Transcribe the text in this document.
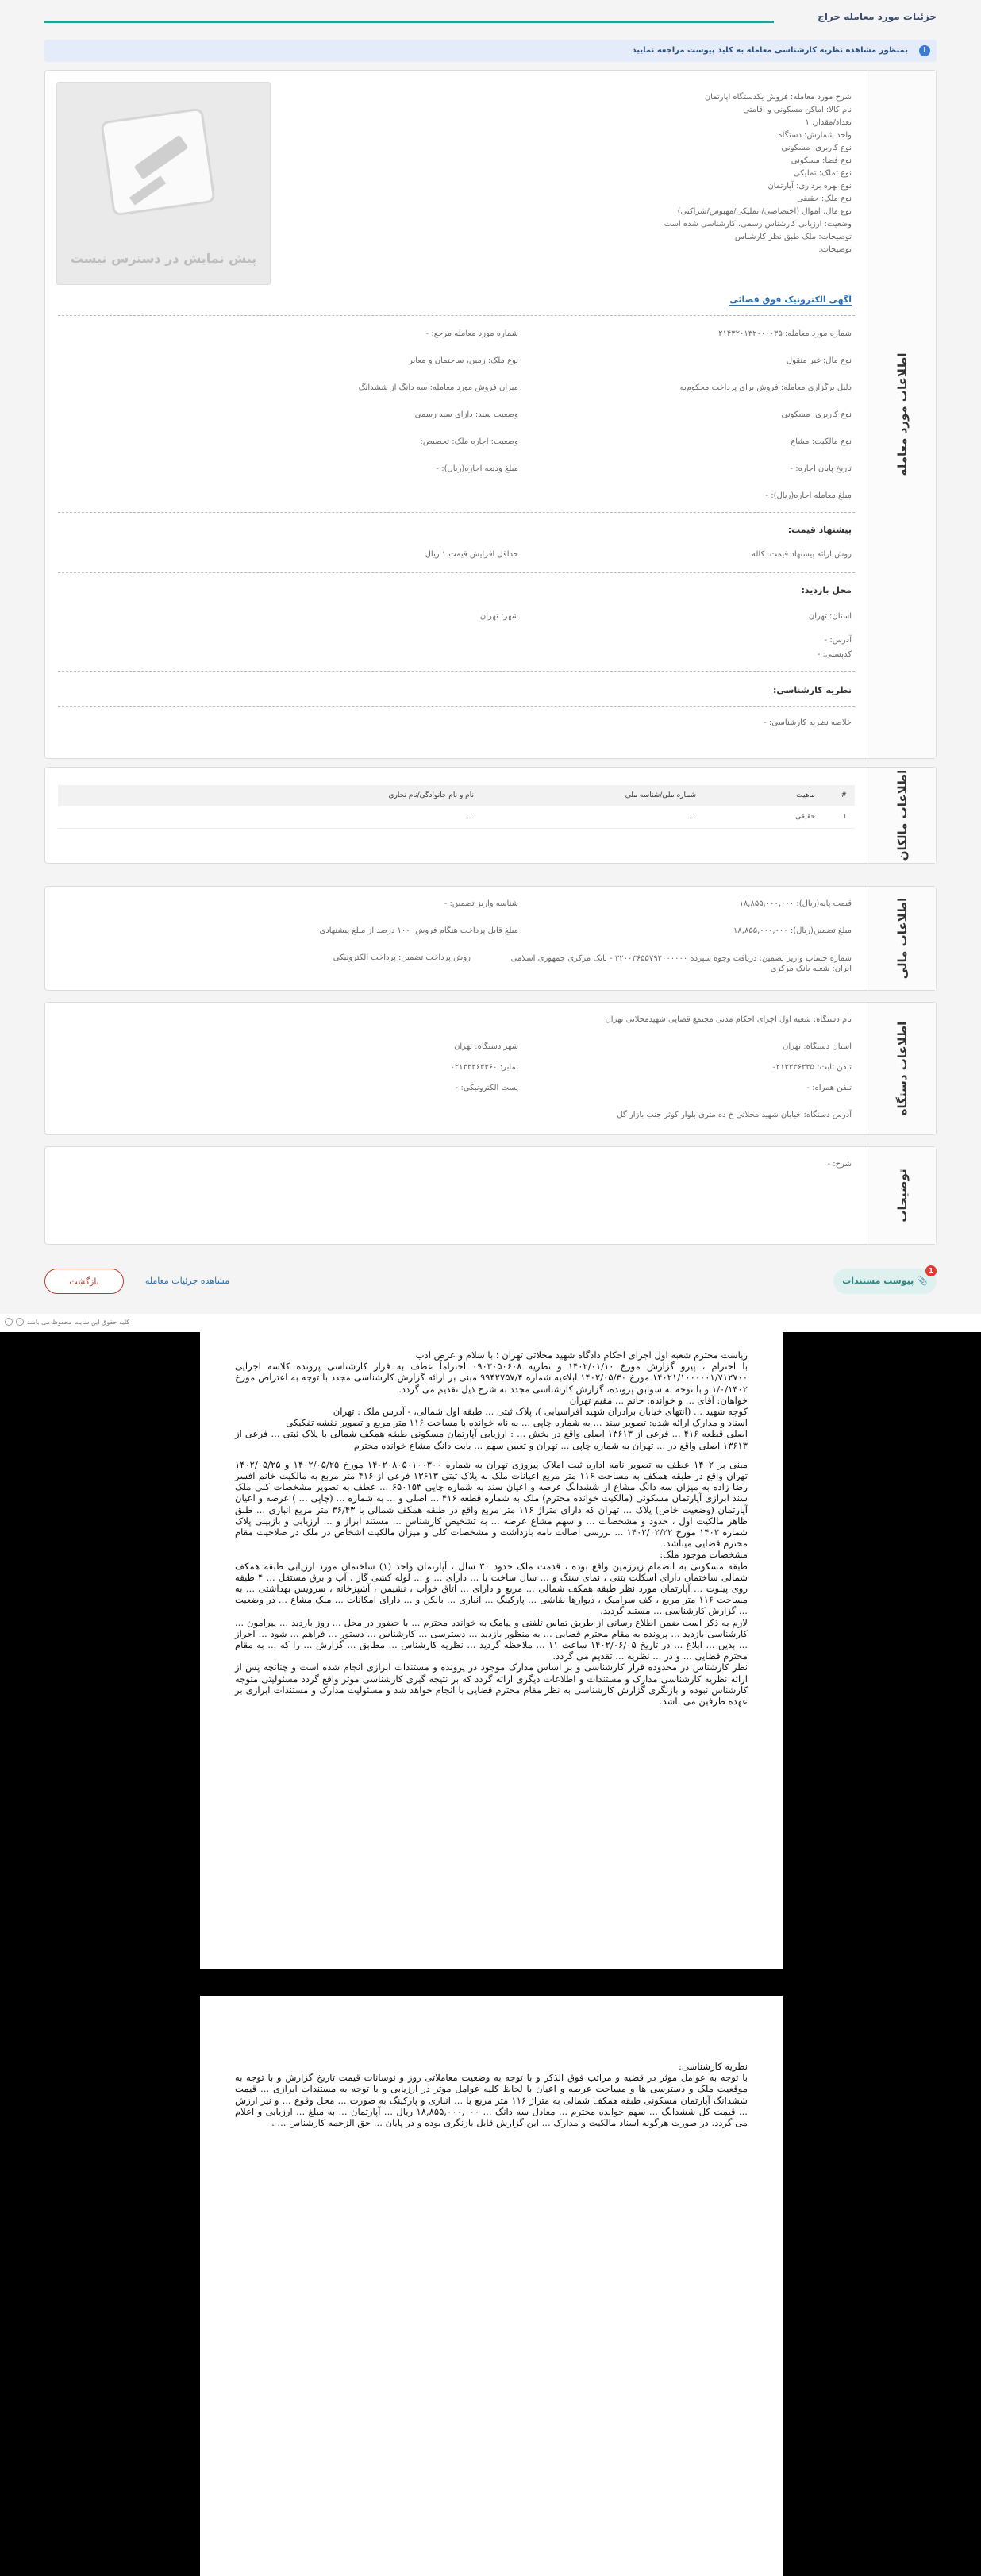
جزئیات مورد معامله حراج
i
بمنظور مشاهده نظریه کارشناسی معامله به کلید پیوست مراجعه نمایید
اطلاعات مورد معامله
پیش نمایش در دسترس نیست
شرح مورد معامله: فروش یکدستگاه اپارتمان
نام کالا: اماکن مسکونی و اقامتی
تعداد/مقدار: ۱
واحد شمارش: دستگاه
نوع کاربری: مسکونی
نوع فضا: مسکونی
نوع تملک: تملیکی
نوع بهره برداری: آپارتمان
نوع ملک: حقیقی
نوع مال: اموال (اختصاصی/ تملیکی/مهبوس/شراکتی)
وضعیت: ارزیابی کارشناس رسمی، کارشناسی شده است
توضیحات: ملک طبق نظر کارشناس
توضیحات:
آگهی الکترونیک فوق قضائی
شماره مورد معامله: ۲۱۴۳۲۰۱۳۲۰۰۰۰۳۵
شماره مورد معامله مرجع: -
نوع مال: غیر منقول
نوع ملک: زمین، ساختمان و معابر
دلیل برگزاری معامله: فروش برای پرداخت محکوم‌به
میزان فروش مورد معامله: سه دانگ از ششدانگ
نوع کاربری: مسکونی
وضعیت سند: دارای سند رسمی
نوع مالکیت: مشاع
وضعیت: اجاره ملک: تخصیص:
تاریخ پایان اجاره: -
مبلغ ودیعه اجاره(ریال): -
مبلغ معامله اجاره(ریال): -
پیشنهاد قیمت:
روش ارائه پیشنهاد قیمت: کاله
حداقل افزایش قیمت ۱ ریال
محل بازدید:
استان: تهران
شهر: تهران
آدرس: -
کدپستی: -
نظریه کارشناسی:
خلاصه نظریه کارشناسی: -
اطلاعات مالکان
#	ماهیت	شماره ملی/شناسه ملی	نام و نام خانوادگی/نام تجاری
۱	حقیقی	...	...
اطلاعات مالی
قیمت پایه(ریال): ۱۸,۸۵۵,۰۰۰,۰۰۰
شناسه واریز تضمین: -
مبلغ تضمین(ریال): ۱۸,۸۵۵,۰۰۰,۰۰۰
مبلغ قابل پرداخت هنگام فروش: ۱۰۰ درصد از مبلغ پیشنهادی
شماره حساب واریز تضمین: دریافت وجوه سپرده ۳۲۰۰۳۶۵۵۷۹۲۰۰۰۰۰۰ - بانک مرکزی جمهوری اسلامی ایران: شعبه بانک مرکزی
روش پرداخت تضمین: پرداخت الکترونیکی
اطلاعات دستگاه
نام دستگاه: شعبه اول اجرای احکام مدنی مجتمع قضایی شهیدمحلاتی تهران
استان دستگاه: تهران
شهر دستگاه: تهران
تلفن ثابت: ۰۲۱۳۳۳۶۳۳۵
نمابر: ۰۲۱۳۳۳۶۳۳۶۰
تلفن همراه: -
پست الکترونیکی: -
آدرس دستگاه: خیابان شهید محلاتی خ ده متری بلوار کوثر جنب بازار گل
توضیحات
شرح: -
📎 پیوست مستندات
1
مشاهده جزئیات معامله
بازگشت
کلیه حقوق این سایت محفوظ می باشد

ریاست محترم شعبه اول اجرای احکام دادگاه شهید محلاتی تهران ؛ با سلام و عرض ادب

با احترام ، پیرو گزارش مورخ ۱۴۰۲/۰۱/۱۰ و نظریه ۰۹۰۳۰۵۰۶۰۸ احتراماً عطف به قرار کارشناسی پرونده کلاسه اجرایی ۱۴۰۲۱/۱۰۰۰۰۰۱/۷۱۲۷۰۰ مورخ ۱۴۰۲/۰۵/۳۰ ابلاغیه شماره ۹۹۴۲۷۵۷/۴ مبنی بر ارائه گزارش کارشناسی مجدد با توجه به اعتراض مورخ ۱/۰/۱۴۰۲ و با توجه به سوابق پرونده، گزارش کارشناسی مجدد به شرح ذیل تقدیم می گردد.

خواهان: آقای ... و خوانده: خانم ... مقیم تهران

کوچه شهید ... (انتهای خیابان برادران شهید افراسیابی )، پلاک ثبتی ... طبقه اول شمالی، - آدرس ملک : تهران

اسناد و مدارک ارائه شده: تصویر سند ... به شماره چاپی ... به نام خوانده با مساحت ۱۱۶ متر مربع و تصویر نقشه تفکیکی

اصلی قطعه ۴۱۶ ... فرعی از ۱۳۶۱۳ اصلی واقع در بخش ... : ارزیابی آپارتمان مسکونی طبقه همکف شمالی با پلاک ثبتی ... فرعی از ۱۳۶۱۳ اصلی واقع در ... تهران به شماره چاپی ... تهران و تعیین سهم ... بابت دانگ مشاع خوانده محترم

مبنی بر ۱۴۰۲ عطف به تصویر نامه اداره ثبت املاک پیروزی تهران به شماره ۱۴۰۲۰۸۰۵۰۱۰۰۳۰۰ مورخ ۱۴۰۲/۰۵/۲۵ و ۱۴۰۲/۰۵/۲۵ تهران واقع در طبقه همکف به مساحت ۱۱۶ متر مربع اعیانات ملک به پلاک ثبتی ۱۳۶۱۳ فرعی از ۴۱۶ متر مربع به مالکیت خانم افسر رضا زاده به میزان سه دانگ مشاع از ششدانگ عرصه و اعیان سند به شماره چاپی ۶۵۰۱۵۳ ... عطف به تصویر مشخصات کلی ملک سند ابرازی آپارتمان مسکونی (مالکیت خوانده محترم) ملک به شماره قطعه ۴۱۶ ... اصلی و ... به شماره ... (چاپی ... ) عرصه و اعیان آپارتمان (وضعیت خاص) پلاک ... تهران که دارای متراژ ۱۱۶ متر مربع واقع در طبقه همکف شمالی با ۳۶/۴۳ متر مربع انباری ... طبق ظاهر مالکیت اول ، حدود و مشخصات ... و سهم مشاع عرصه ... به تشخیص کارشناس ... مستند ابراز و ... ارزیابی و بازبینی پلاک شماره ۱۴۰۲ مورخ ۱۴۰۲/۰۲/۲۲ ... بررسی اصالت نامه بازداشت و مشخصات کلی و میزان مالکیت اشخاص در ملک در صلاحیت مقام محترم قضایی میباشد.

مشخصات موجود ملک:

طبقه مسکونی به انضمام زیرزمین واقع بوده ، قدمت ملک حدود ۳۰ سال ، آپارتمان واحد (۱) ساختمان مورد ارزیابی طبقه همکف شمالی ساختمان دارای اسکلت بتنی ، نمای سنگ و ... سال ساخت با ... دارای ... و ... لوله کشی گاز ، آب و برق مستقل ... ۴ طبقه روی پیلوت ... آپارتمان مورد نظر طبقه همکف شمالی ... مربع و دارای ... اتاق خواب ، نشیمن ، آشپزخانه ، سرویس بهداشتی ... به مساحت ۱۱۶ متر مربع ، کف سرامیک ، دیوارها نقاشی ... پارکینگ ... انباری ... بالکن و ... دارای امکانات ... ملک مشاع ... در وضعیت ... گزارش کارشناسی ... مستند گردید.

لازم به ذکر است ضمن اطلاع رسانی از طریق تماس تلفنی و پیامک به خوانده محترم ... با حضور در محل ... روز بازدید ... پیرامون ... کارشناسی بازدید ... پرونده به مقام محترم قضایی ... به منظور بازدید ... دسترسی ... کارشناس ... دستور ... فراهم ... شود ... احراز ... بدین ... ابلاغ ... در تاریخ ۱۴۰۲/۰۶/۰۵ ساعت ۱۱ ... ملاحظه گردید ... نظریه کارشناس ... مطابق ... گزارش ... را که ... به مقام محترم قضایی ... و در ... نظریه ... تقدیم می گردد.

نظر کارشناس در محدوده قرار کارشناسی و بر اساس مدارک موجود در پرونده و مستندات ابرازی انجام شده است و چنانچه پس از ارائه نظریه کارشناسی مدارک و مستندات و اطلاعات دیگری ارائه گردد که بر نتیجه گیری کارشناسی موثر واقع گردد مسئولیتی متوجه کارشناس نبوده و بازنگری گزارش کارشناسی به نظر مقام محترم قضایی با انجام خواهد شد و مسئولیت مدارک و مستندات ابرازی بر عهده طرفین می باشد.

نظریه کارشناسی:

با توجه به عوامل موثر در قضیه و مراتب فوق الذکر و با توجه به وضعیت معاملاتی روز و نوسانات قیمت تاریخ گزارش و با توجه به موقعیت ملک و دسترسی ها و مساحت عرصه و اعیان با لحاظ کلیه عوامل موثر در ارزیابی و با توجه به مستندات ابرازی ... قیمت ششدانگ آپارتمان مسکونی طبقه همکف شمالی به متراژ ۱۱۶ متر مربع با ... انباری و پارکینگ به صورت ... محل وقوع ... و نیز ارزش ... قیمت کل ششدانگ ... سهم خوانده محترم ... معادل سه دانگ ... ۱۸,۸۵۵,۰۰۰,۰۰۰ ریال ... آپارتمان ... به مبلغ ... ارزیابی و اعلام می گردد. در صورت هرگونه اسناد مالکیت و مدارک ... این گزارش قابل بازنگری بوده و در پایان ... حق الزحمه کارشناس ... .
